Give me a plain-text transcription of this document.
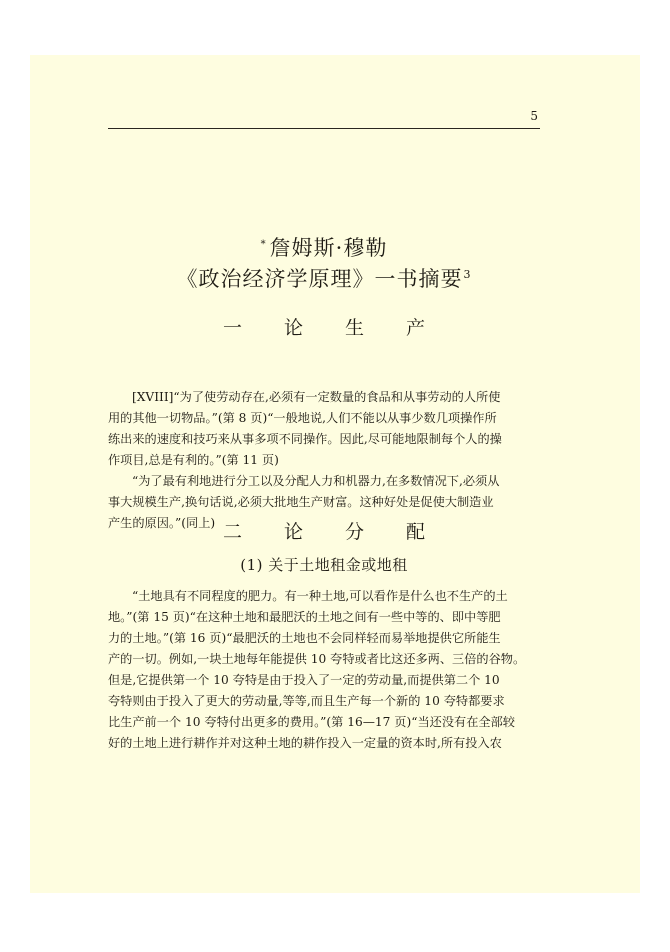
5
* 詹姆斯·穆勒
《政治经济学原理》一书摘要$^3$
一 论 生 产
[XVIII]“为了使劳动存在,必须有一定数量的食品和从事劳动的人所使
用的其他一切物品。”(第 8 页)“一般地说,人们不能以从事少数几项操作所
练出来的速度和技巧来从事多项不同操作。因此,尽可能地限制每个人的操
作项目,总是有利的。”(第 11 页)
“为了最有利地进行分工以及分配人力和机器力,在多数情况下,必须从
事大规模生产,换句话说,必须大批地生产财富。这种好处是促使大制造业
产生的原因。”(同上) 二 论 分 配
(1) 关于土地租金或地租
“土地具有不同程度的肥力。有一种土地,可以看作是什么也不生产的土
地。”(第 15 页)“在这种土地和最肥沃的土地之间有一些中等的、即中等肥
力的土地。”(第 16 页)“最肥沃的土地也不会同样轻而易举地提供它所能生
产的一切。例如,一块土地每年能提供 10 夸特或者比这还多两、三倍的谷物。
但是,它提供第一个 10 夸特是由于投入了一定的劳动量,而提供第二个 10
夸特则由于投入了更大的劳动量,等等,而且生产每一个新的 10 夸特都要求
比生产前一个 10 夸特付出更多的费用。”(第 16—17 页)“当还没有在全部较
好的土地上进行耕作并对这种土地的耕作投入一定量的资本时,所有投入农
